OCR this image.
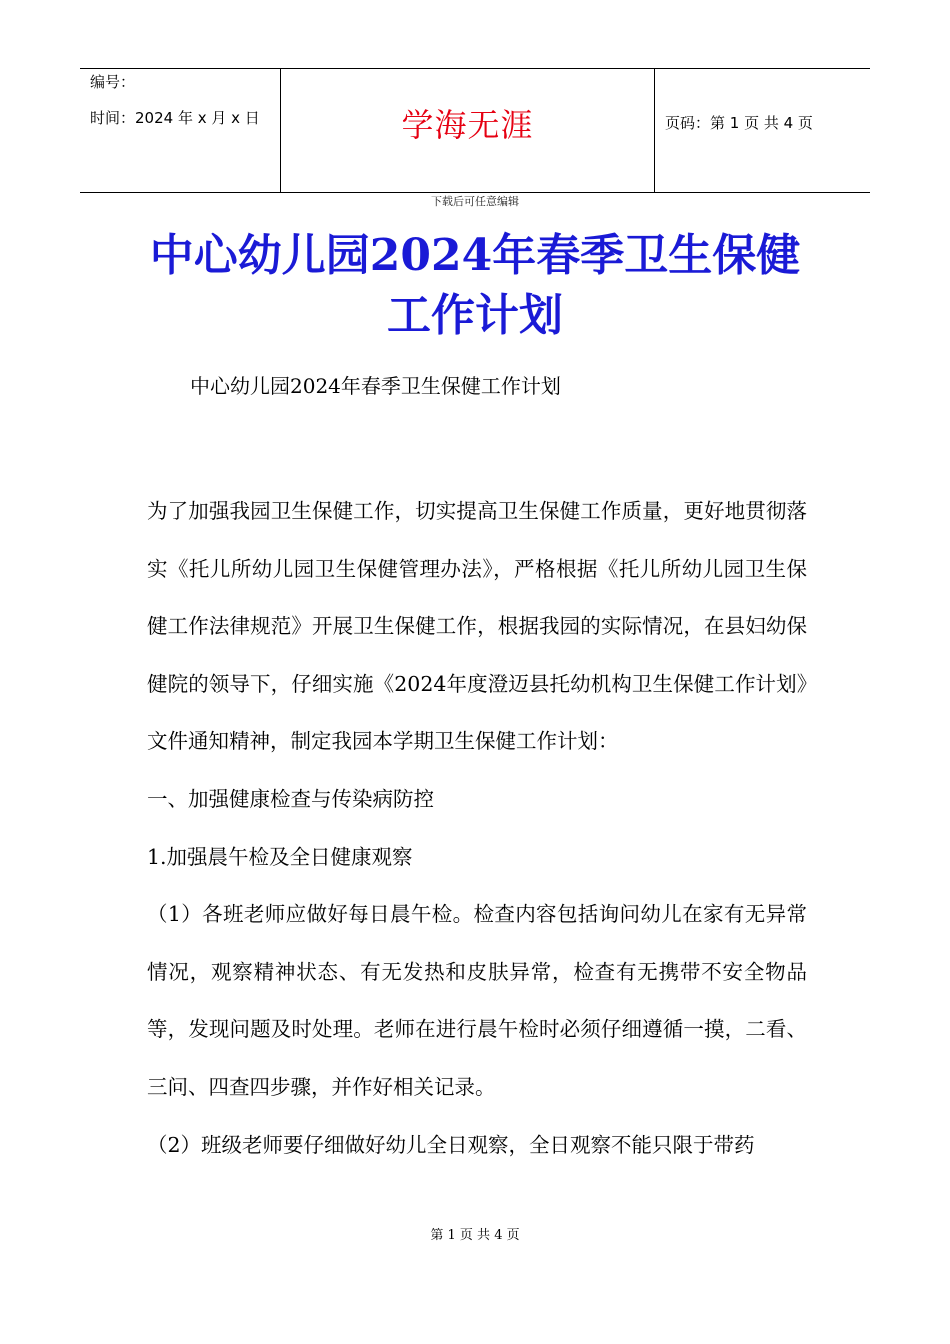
编号：
时间：2024 年 x 月 x 日	学海无涯	页码：第 1 页 共 4 页
下载后可任意编辑
中心幼儿园2024年春季卫生保健工作计划
中心幼儿园2024年春季卫生保健工作计划

为了加强我园卫生保健工作，切实提高卫生保健工作质量，更好地贯彻落实《托儿所幼儿园卫生保健管理办法》，严格根据《托儿所幼儿园卫生保健工作法律规范》开展卫生保健工作，根据我园的实际情况，在县妇幼保健院的领导下，仔细实施《2024年度澄迈县托幼机构卫生保健工作计划》文件通知精神，制定我园本学期卫生保健工作计划：

一、加强健康检查与传染病防控

1.加强晨午检及全日健康观察

（1）各班老师应做好每日晨午检。检查内容包括询问幼儿在家有无异常情况，观察精神状态、有无发热和皮肤异常，检查有无携带不安全物品等，发现问题及时处理。老师在进行晨午检时必须仔细遵循一摸，二看、三问、四查四步骤，并作好相关记录。

（2）班级老师要仔细做好幼儿全日观察，全日观察不能只限于带药

第 1 页 共 4 页
